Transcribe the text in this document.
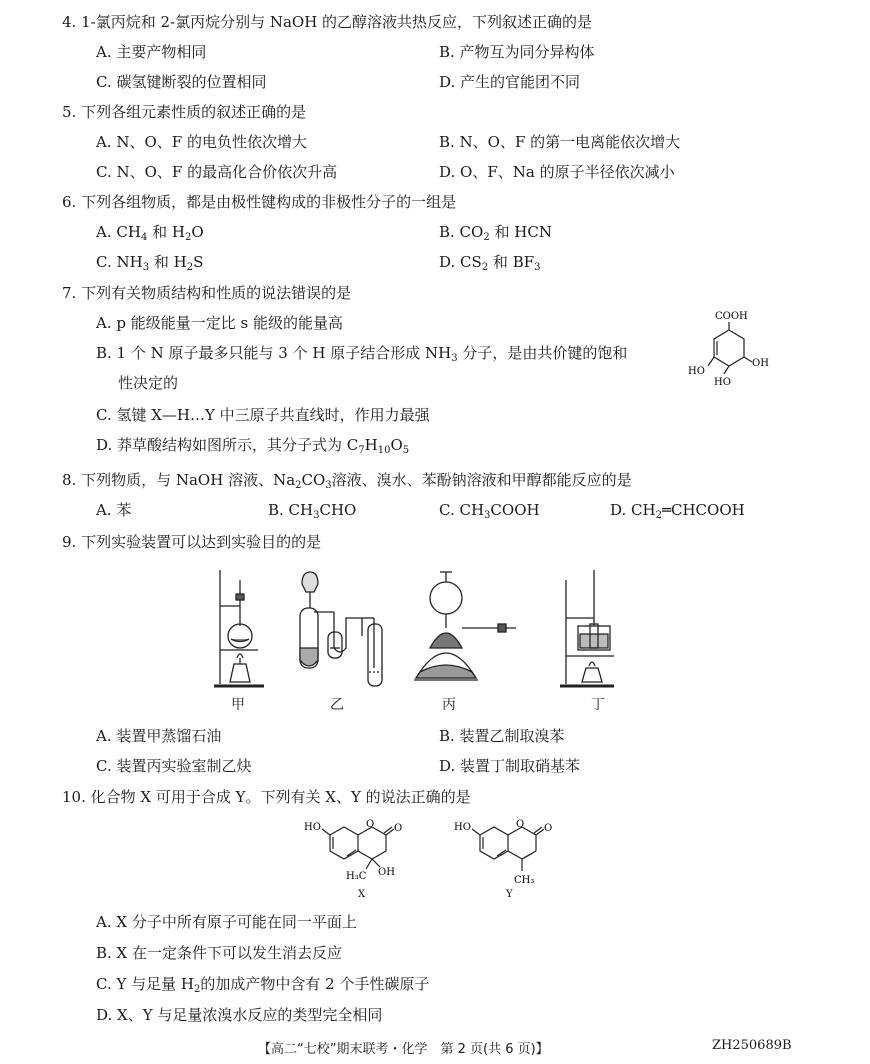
4. 1-氯丙烷和 2-氯丙烷分别与 NaOH 的乙醇溶液共热反应，下列叙述正确的是
A. 主要产物相同	B. 产物互为同分异构体
C. 碳氢键断裂的位置相同	D. 产生的官能团不同
5. 下列各组元素性质的叙述正确的是
A. N、O、F 的电负性依次增大	B. N、O、F 的第一电离能依次增大
C. N、O、F 的最高化合价依次升高	D. O、F、Na 的原子半径依次减小
6. 下列各组物质，都是由极性键构成的非极性分子的一组是
A. $CH_4$ 和 $H_2O$	B. $CO_2$ 和 HCN
C. $NH_3$ 和 $H_2S$	D. $CS_2$ 和 $BF_3$
7. 下列有关物质结构和性质的说法错误的是
A. p 能级能量一定比 s 能级的能量高
B. 1 个 N 原子最多只能与 3 个 H 原子结合形成 $NH_3$ 分子，是由共价键的饱和
性决定的
C. 氢键 X—H…Y 中三原子共直线时，作用力最强
D. 莽草酸结构如图所示，其分子式为 $C_7H_{10}O_5$
COOH
HO
HO
OH
8. 下列物质，与 NaOH 溶液、$Na_2CO_3$溶液、溴水、苯酚钠溶液和甲醇都能反应的是
A. 苯	B. $CH_3CHO$	C. $CH_3COOH$	D. $CH_2═CHCOOH$
9. 下列实验装置可以达到实验目的的是
甲	乙	丙	丁
A. 装置甲蒸馏石油	B. 装置乙制取溴苯
C. 装置丙实验室制乙炔	D. 装置丁制取硝基苯
10. 化合物 X 可用于合成 Y。下列有关 X、Y 的说法正确的是
HO	O O
H₃C OH
X
HO	O O
CH₃
Y
A. X 分子中所有原子可能在同一平面上
B. X 在一定条件下可以发生消去反应
C. Y 与足量 $H_2$的加成产物中含有 2 个手性碳原子
D. X、Y 与足量浓溴水反应的类型完全相同
【高二“七校”期末联考・化学　第 2 页(共 6 页)】	ZH250689B
